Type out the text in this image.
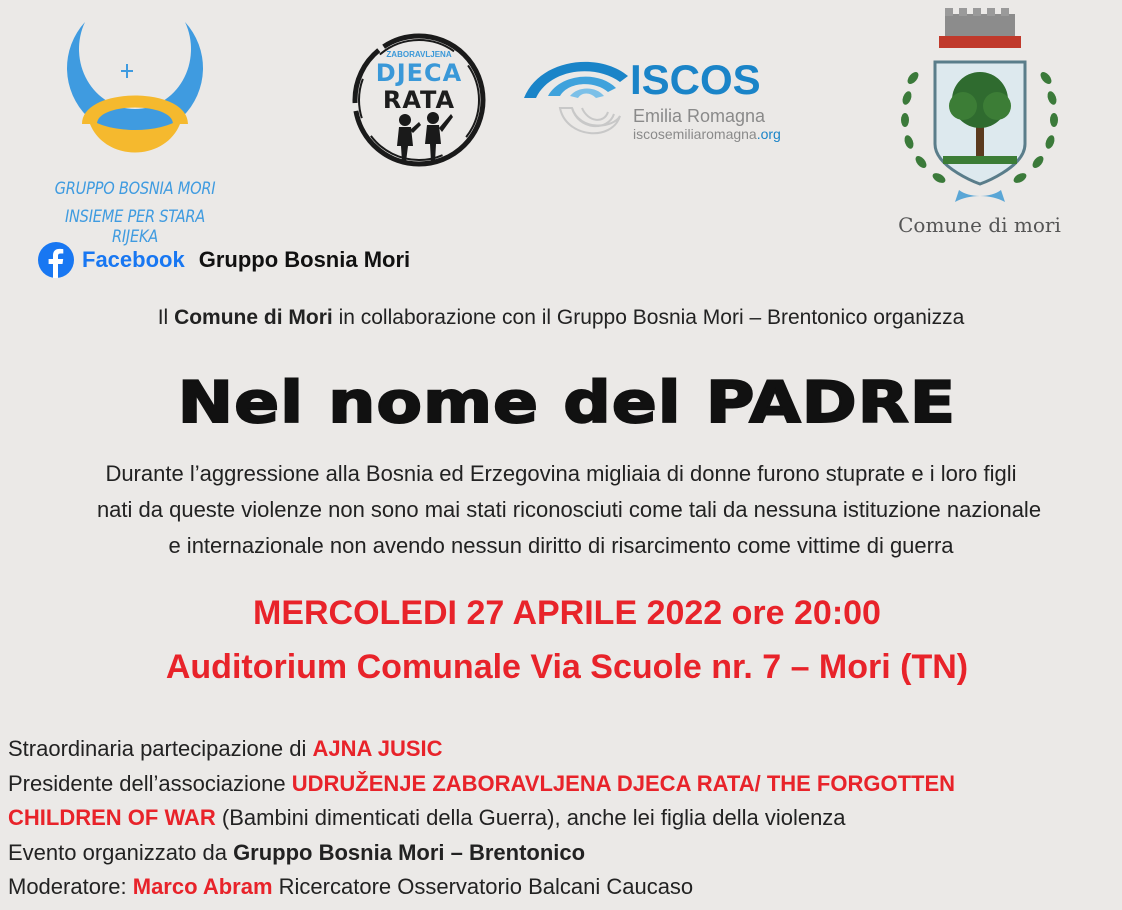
GRUPPO BOSNIA MORI
INSIEME PER STARA RIJEKA
ZABORAVLJENA
DJECA
RATA	ISCOS
Emilia Romagna
iscosemiliaromagna.org
Comune di mori
Facebook Gruppo Bosnia Mori
Il Comune di Mori in collaborazione con il Gruppo Bosnia Mori – Brentonico organizza
Nel nome del PADRE
Durante l’aggressione alla Bosnia ed Erzegovina migliaia di donne furono stuprate e i loro figli
nati da queste violenze non sono mai stati riconosciuti come tali da nessuna istituzione nazionale
e internazionale non avendo nessun diritto di risarcimento come vittime di guerra
MERCOLEDI 27 APRILE 2022 ore 20:00
Auditorium Comunale Via Scuole nr. 7 – Mori (TN)
Straordinaria partecipazione di AJNA JUSIC
Presidente dell’associazione UDRUŽENJE ZABORAVLJENA DJECA RATA/ THE FORGOTTEN
CHILDREN OF WAR (Bambini dimenticati della Guerra), anche lei figlia della violenza
Evento organizzato da Gruppo Bosnia Mori – Brentonico
Moderatore: Marco Abram Ricercatore Osservatorio Balcani Caucaso
